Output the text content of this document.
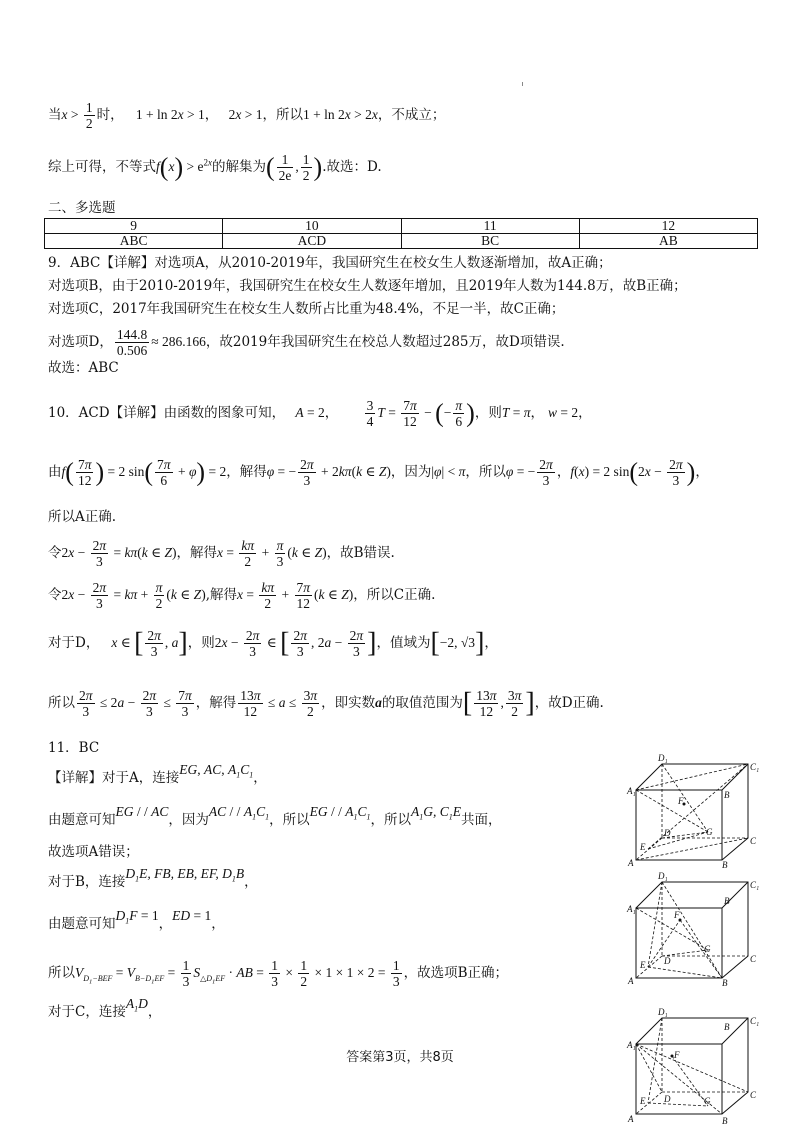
当$x > \frac{1}{2}$ 时， 1 + ln 2x > 1， 2x > 1，所以1 + ln 2x > 2x，不成立；
综上可得，不等式$f(x) > e^{2x}$的解集为( $\frac{1}{2e}$ , $\frac{1}{2}$ ).故选：D.
二、多选题
9	10	11	12
ABC	ACD	BC	AB
9．ABC【详解】对选项A，从2010-2019年，我国研究生在校女生人数逐渐增加，故A正确；
对选项B，由于2010-2019年，我国研究生在校女生人数逐年增加，且2019年人数为144.8万，故B正确；
对选项C，2017年我国研究生在校女生人数所占比重为48.4%，不足一半，故C正确；
对选项D， $\frac{144.8}{0.506} \approx 286.166$，故2019年我国研究生在校总人数超过285万，故D项错误.
故选：ABC
10．ACD【详解】由函数的图象可知， A = 2， $\frac{3}{4}$ $T = \frac{7\pi}{12}$ − (− $\frac{\pi}{6}$ )，则T = π， w = 2，
由$f( \frac{7\pi}{12}$ ) = 2 $\sin( \frac{7\pi}{6} + \varphi) = 2$，解得φ = − $\frac{2\pi}{3} + 2k\pi(k$ ∈ Z)，因为|φ| < π，所以φ = − $\frac{2\pi}{3}$ ，f(x) = 2 $\sin(2x - \frac{2\pi}{3}$ )，
所以A正确.
令$2x - \frac{2\pi}{3} = k\pi(k$ ∈ Z)，解得$x = \frac{k\pi}{2} + \frac{\pi}{3} (k$ ∈ Z)，故B错误.
令$2x - \frac{2\pi}{3} = k\pi + \frac{\pi}{2} (k$ ∈ Z),解得$x = \frac{k\pi}{2} + \frac{7\pi}{12} (k$ ∈ Z)，所以C正确.
对于D， x ∈ [ $\frac{2\pi}{3}$ , a]，则$2x - \frac{2\pi}{3}$ ∈ [ $\frac{2\pi}{3}$ , $2a - \frac{2\pi}{3}$ ]，值域为[−2, √3]，
所以 $\frac{2\pi}{3} \le 2a - \frac{2\pi}{3} \le \frac{7\pi}{3}$ ，解得 $\frac{13\pi}{12} \le a \le \frac{3\pi}{2}$ ，即实数a的取值范围为[ $\frac{13\pi}{12}$ , $\frac{3\pi}{2}$ ]，故D正确.
11．BC
【详解】对于A，连接EG, AC, $A_1C_1$，
由题意可知EG / / AC，因为AC / / $A_1C_1$，所以EG / / $A_1C_1$，所以$A_1G$, $C_1E$共面，
故选项A错误；
对于B，连接$D_1E$, FB, EB, EF, $D_1B$，
由题意可知$D_1F = 1$，ED = 1，
所以$V_{D_1-BEF} = V_{B-D_1EF} = \frac{1}{3} S_{\triangle D_1EF}$ · AB = $\frac{1}{3} \times \frac{1}{2} \times 1 \times 1 \times 2 = \frac{1}{3}$ ，故选项B正确；
对于C，连接$A_1D$，
D₁
C₁
A₁	B
F
D	G
C
E
A	B
D₁
C₁
A₁
B
F
D
G
C
E
A	B
D₁
C₁
A₁
B
F
D	G
C
E
A	B
答案第3页，共8页
